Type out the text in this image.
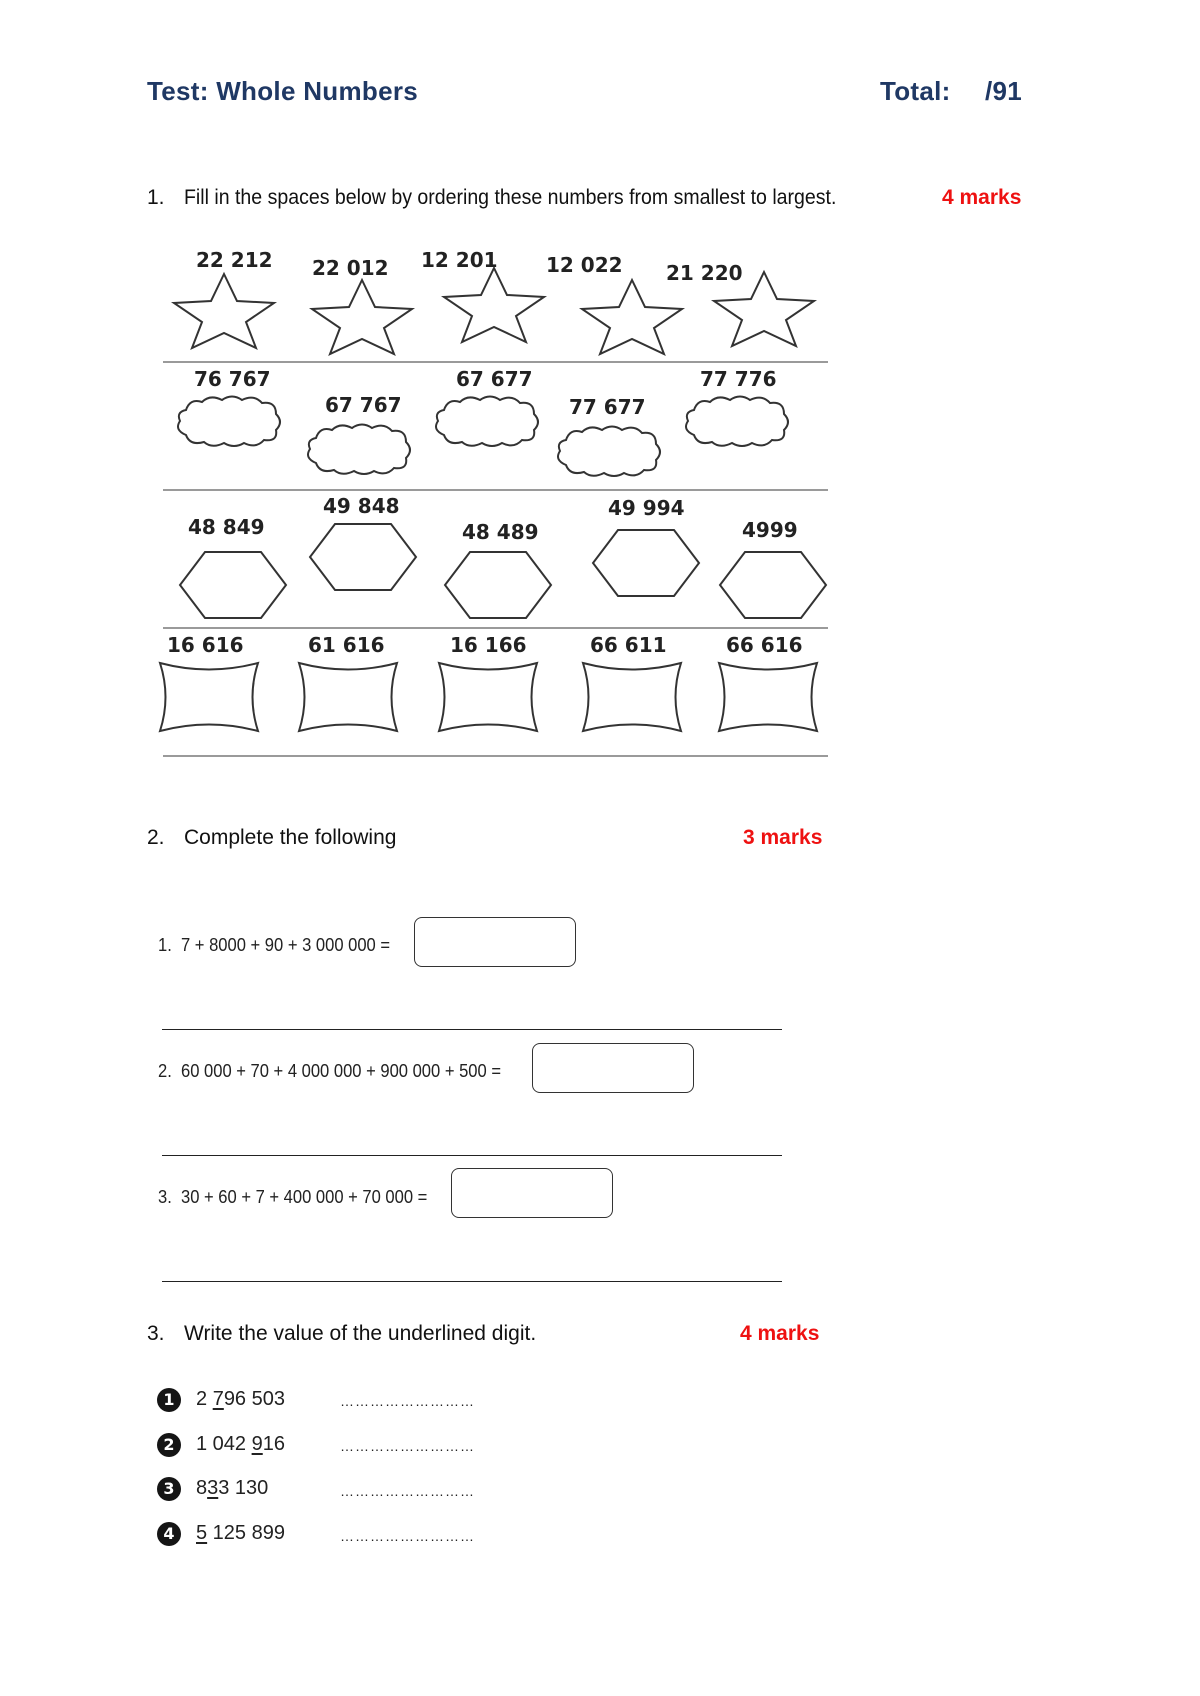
Test: Whole Numbers	Total: /91
1. Fill in the spaces below by ordering these numbers from smallest to largest.	4 marks
22 212 22 012 12 201 12 022 21 220
76 767
67 767
67 677
77 677
77 776
48 849
49 848
48 489
49 994
4999
16 616	61 616	16 166	66 611	66 616
2. Complete the following	3 marks
1. 7 + 8000 + 90 + 3 000 000 =
2. 60 000 + 70 + 4 000 000 + 900 000 + 500 =
3. 30 + 60 + 7 + 400 000 + 70 000 =
3. Write the value of the underlined digit.	4 marks
1	2 796 503	………………………
2	1 042 916	………………………
3	833 130	………………………
4	5 125 899	………………………
